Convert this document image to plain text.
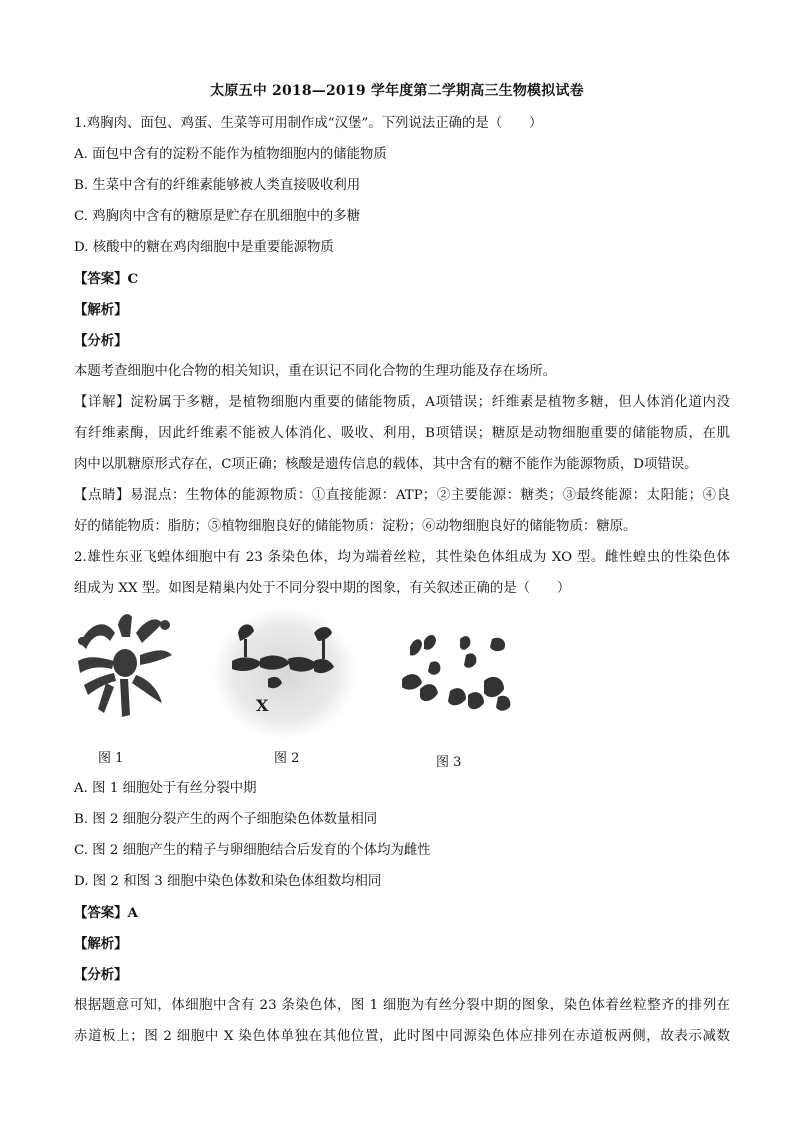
太原五中 2018—2019 学年度第二学期高三生物模拟试卷
1.鸡胸肉、面包、鸡蛋、生菜等可用制作成“汉堡”。下列说法正确的是（　　）
A. 面包中含有的淀粉不能作为植物细胞内的储能物质
B. 生菜中含有的纤维素能够被人类直接吸收利用
C. 鸡胸肉中含有的糖原是贮存在肌细胞中的多糖
D. 核酸中的糖在鸡肉细胞中是重要能源物质
【答案】C
【解析】
【分析】
本题考查细胞中化合物的相关知识，重在识记不同化合物的生理功能及存在场所。
【详解】淀粉属于多糖，是植物细胞内重要的储能物质，A项错误；纤维素是植物多糖，但人体消化道内没
有纤维素酶，因此纤维素不能被人体消化、吸收、利用，B项错误；糖原是动物细胞重要的储能物质，在肌
肉中以肌糖原形式存在，C项正确；核酸是遗传信息的载体，其中含有的糖不能作为能源物质，D项错误。
【点睛】易混点：生物体的能源物质：①直接能源：ATP；②主要能源：糖类；③最终能源：太阳能；④良
好的储能物质：脂肪；⑤植物细胞良好的储能物质：淀粉；⑥动物细胞良好的储能物质：糖原。
2.雄性东亚飞蝗体细胞中有 23 条染色体，均为端着丝粒，其性染色体组成为 XO 型。雌性蝗虫的性染色体
组成为 XX 型。如图是精巢内处于不同分裂中期的图象，有关叙述正确的是（　　）
图 1
X
图 2	图 3
A. 图 1 细胞处于有丝分裂中期
B. 图 2 细胞分裂产生的两个子细胞染色体数量相同
C. 图 2 细胞产生的精子与卵细胞结合后发育的个体均为雌性
D. 图 2 和图 3 细胞中染色体数和染色体组数均相同
【答案】A
【解析】
【分析】
根据题意可知，体细胞中含有 23 条染色体，图 1 细胞为有丝分裂中期的图象，染色体着丝粒整齐的排列在
赤道板上；图 2 细胞中 X 染色体单独在其他位置，此时图中同源染色体应排列在赤道板两侧，故表示减数
